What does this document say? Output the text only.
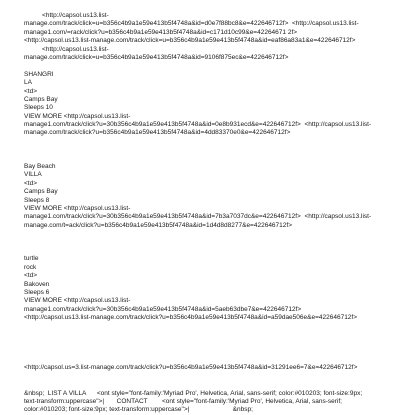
<http://capsol.us13.list-
manage.com/track/click=u=b356c4b9a1e59e413b5f4748a&id=d0e7f88bc8&e=422646712f>  <http://capsol.us13.list-
manage1.com/=rack/click?u=b356c4b9a1e59e413b5f4748a&id=c171d10c99&e=42264671 2f>
<http://capsol.us13.list-manage.com/track/click=u=b356c4b9a1e59e413b5f4748a&id=eaf86a83a1&e=422646712f>
<http://capsol.us13.list-
manage.com/track/click=u=b356c4b9a1e59e413b5f4748a&id=9106f875ec&e=422646712f>
SHANGRI
LA
<td>
Camps Bay
Sleeps 10
VIEW MORE <http://capsol.us13.list-
manage1.com/track/click?u=30b356c4b9a1e59e413b5f4748a&id=0e8b931ecd&e=422646712f>  <http://capsol.us13.list-
manage.com/track/click?u=b356c4b9a1e59e413b5f4748a&id=4dd83370e0&e=422646712f>
Bay Beach
VILLA
<td>
Camps Bay
Sleeps 8
VIEW MORE <http://capsol.us13.list-
manage1.com/track/click?u=30b356c4b9a1e59e413b5f4748a&id=7b3a7037dc&e=422646712f>  <http://capsol.us13.list-
manage.com/t=ack/click?u=b356c4b9a1e59e413b5f4748a&id=1d4d8d8277&e=422646712f>
turtle
rock
<td>
Bakoven
Sleeps 6
VIEW MORE <http://capsol.us13.list-
manage1.com/track/click?u=30b356c4b9a1e59e413b5f4748a&id=5aeb63dbe7&e=422646712f>
<http://capsol.us13.list-manage.com/track/click?u=b356c4b9a1e59e413b5f4748a&id=a59dae506e&e=422646712f>
<http://capsol.us=3.list-manage.com/track/click?u=b356c4b9a1e59e413b5f4748a&id=31291ee6=7&e=422646712f>
&nbsp;  LIST A VILLA      <ont style="font-family:'Myriad Pro', Helvetica, Arial, sans-serif; color:#010203; font-size:9px;
text-transform:uppercase">|       CONTACT        <ont style="font-family:'Myriad Pro', Helvetica, Arial, sans-serif;
color:#010203; font-size:9px; text-transform:uppercase">|                        &nbsp;
